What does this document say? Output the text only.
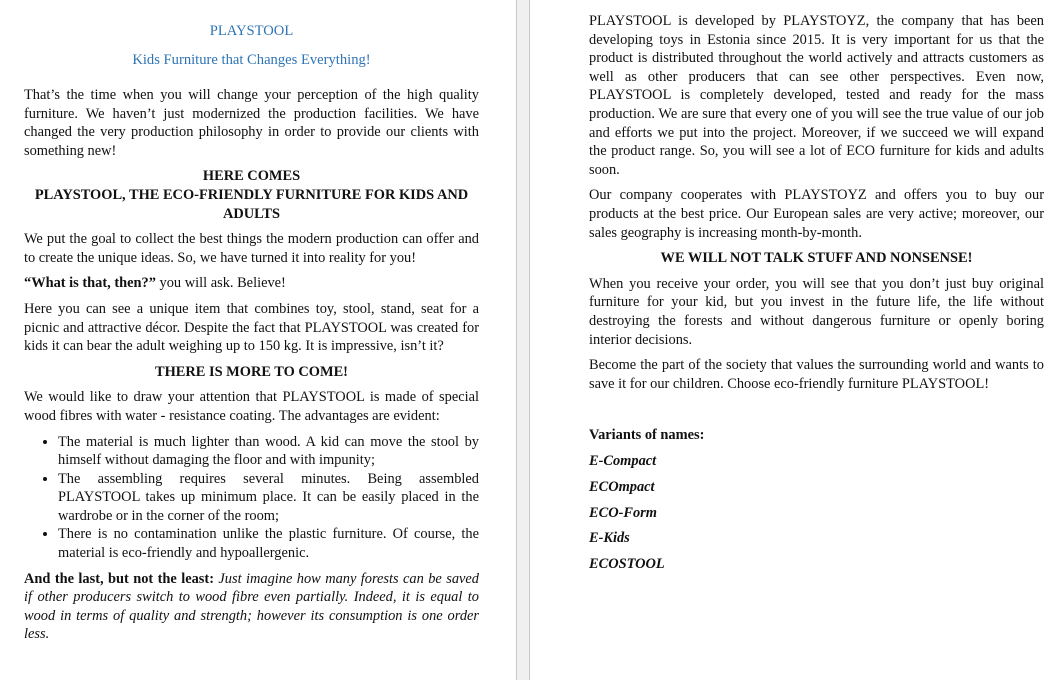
PLAYSTOOL

Kids Furniture that Changes Everything!

That’s the time when you will change your perception of the high quality furniture. We haven’t just modernized the production facilities. We have changed the very production philosophy in order to provide our clients with something new!

HERE COMES

PLAYSTOOL, THE ECO-FRIENDLY FURNITURE FOR KIDS AND ADULTS

We put the goal to collect the best things the modern production can offer and to create the unique ideas. So, we have turned it into reality for you!

“What is that, then?” you will ask. Believe!

Here you can see a unique item that combines toy, stool, stand, seat for a picnic and attractive décor. Despite the fact that PLAYSTOOL was created for kids it can bear the adult weighing up to 150 kg. It is impressive, isn’t it?

THERE IS MORE TO COME!

We would like to draw your attention that PLAYSTOOL is made of special wood fibres with water - resistance coating. The advantages are evident:

• The material is much lighter than wood. A kid can move the stool by himself without damaging the floor and with impunity;
• The assembling requires several minutes. Being assembled PLAYSTOOL takes up minimum place. It can be easily placed in the wardrobe or in the corner of the room;
• There is no contamination unlike the plastic furniture. Of course, the material is eco-friendly and hypoallergenic.

And the last, but not the least: Just imagine how many forests can be saved if other producers switch to wood fibre even partially. Indeed, it is equal to wood in terms of quality and strength; however its consumption is one order less.

PLAYSTOOL is developed by PLAYSTOYZ, the company that has been developing toys in Estonia since 2015. It is very important for us that the product is distributed throughout the world actively and attracts customers as well as other producers that can see other perspectives. Even now, PLAYSTOOL is completely developed, tested and ready for the mass production. We are sure that every one of you will see the true value of our job and efforts we put into the project. Moreover, if we succeed we will expand the product range. So, you will see a lot of ECO furniture for kids and adults soon.

Our company cooperates with PLAYSTOYZ and offers you to buy our products at the best price. Our European sales are very active; moreover, our sales geography is increasing month-by-month.

WE WILL NOT TALK STUFF AND NONSENSE!

When you receive your order, you will see that you don’t just buy original furniture for your kid, but you invest in the future life, the life without destroying the forests and without dangerous furniture or openly boring interior decisions.

Become the part of the society that values the surrounding world and wants to save it for our children. Choose eco-friendly furniture PLAYSTOOL!

Variants of names:

E-Compact

ECOmpact

ECO-Form

E-Kids

ECOSTOOL
